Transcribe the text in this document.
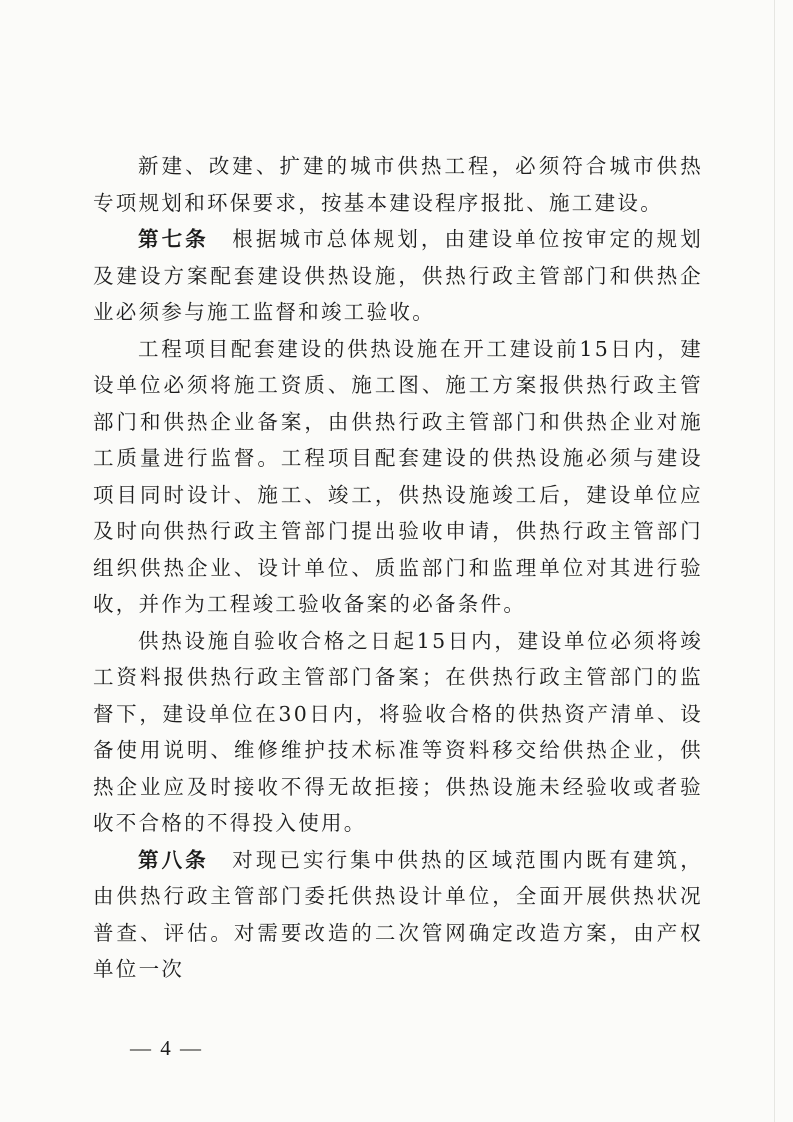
新建、改建、扩建的城市供热工程，必须符合城市供热专项规划和环保要求，按基本建设程序报批、施工建设。

第七条　根据城市总体规划，由建设单位按审定的规划及建设方案配套建设供热设施，供热行政主管部门和供热企业必须参与施工监督和竣工验收。

工程项目配套建设的供热设施在开工建设前15日内，建设单位必须将施工资质、施工图、施工方案报供热行政主管部门和供热企业备案，由供热行政主管部门和供热企业对施工质量进行监督。工程项目配套建设的供热设施必须与建设项目同时设计、施工、竣工，供热设施竣工后，建设单位应及时向供热行政主管部门提出验收申请，供热行政主管部门组织供热企业、设计单位、质监部门和监理单位对其进行验收，并作为工程竣工验收备案的必备条件。

供热设施自验收合格之日起15日内，建设单位必须将竣工资料报供热行政主管部门备案；在供热行政主管部门的监督下，建设单位在30日内，将验收合格的供热资产清单、设备使用说明、维修维护技术标准等资料移交给供热企业，供热企业应及时接收不得无故拒接；供热设施未经验收或者验收不合格的不得投入使用。

第八条　对现已实行集中供热的区域范围内既有建筑，由供热行政主管部门委托供热设计单位，全面开展供热状况普查、评估。对需要改造的二次管网确定改造方案，由产权单位一次

— 4 —
